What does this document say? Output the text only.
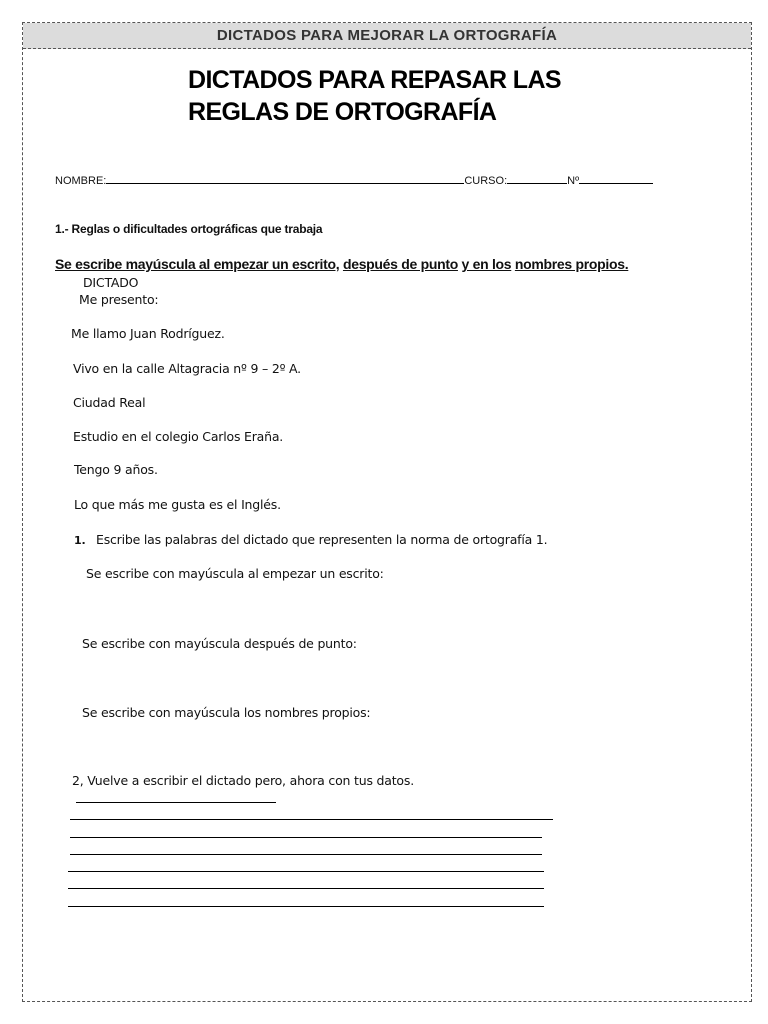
DICTADOS PARA MEJORAR LA ORTOGRAFÍA
DICTADOS PARA REPASAR LAS
REGLAS DE ORTOGRAFÍA
NOMBRE:	CURSO:	Nº
1.- Reglas o dificultades ortográficas que trabaja
Se escribe mayúscula al empezar un escrito, después de punto y en los nombres propios.
DICTADO
Me presento:
Me llamo Juan Rodríguez.
Vivo en la calle Altagracia nº 9 – 2º A.
Ciudad Real
Estudio en el colegio Carlos Eraña.
Tengo 9 años.
Lo que más me gusta es el Inglés.
1. Escribe las palabras del dictado que representen la norma de ortografía 1.
Se escribe con mayúscula al empezar un escrito:
Se escribe con mayúscula después de punto:
Se escribe con mayúscula los nombres propios:
2, Vuelve a escribir el dictado pero, ahora con tus datos.
